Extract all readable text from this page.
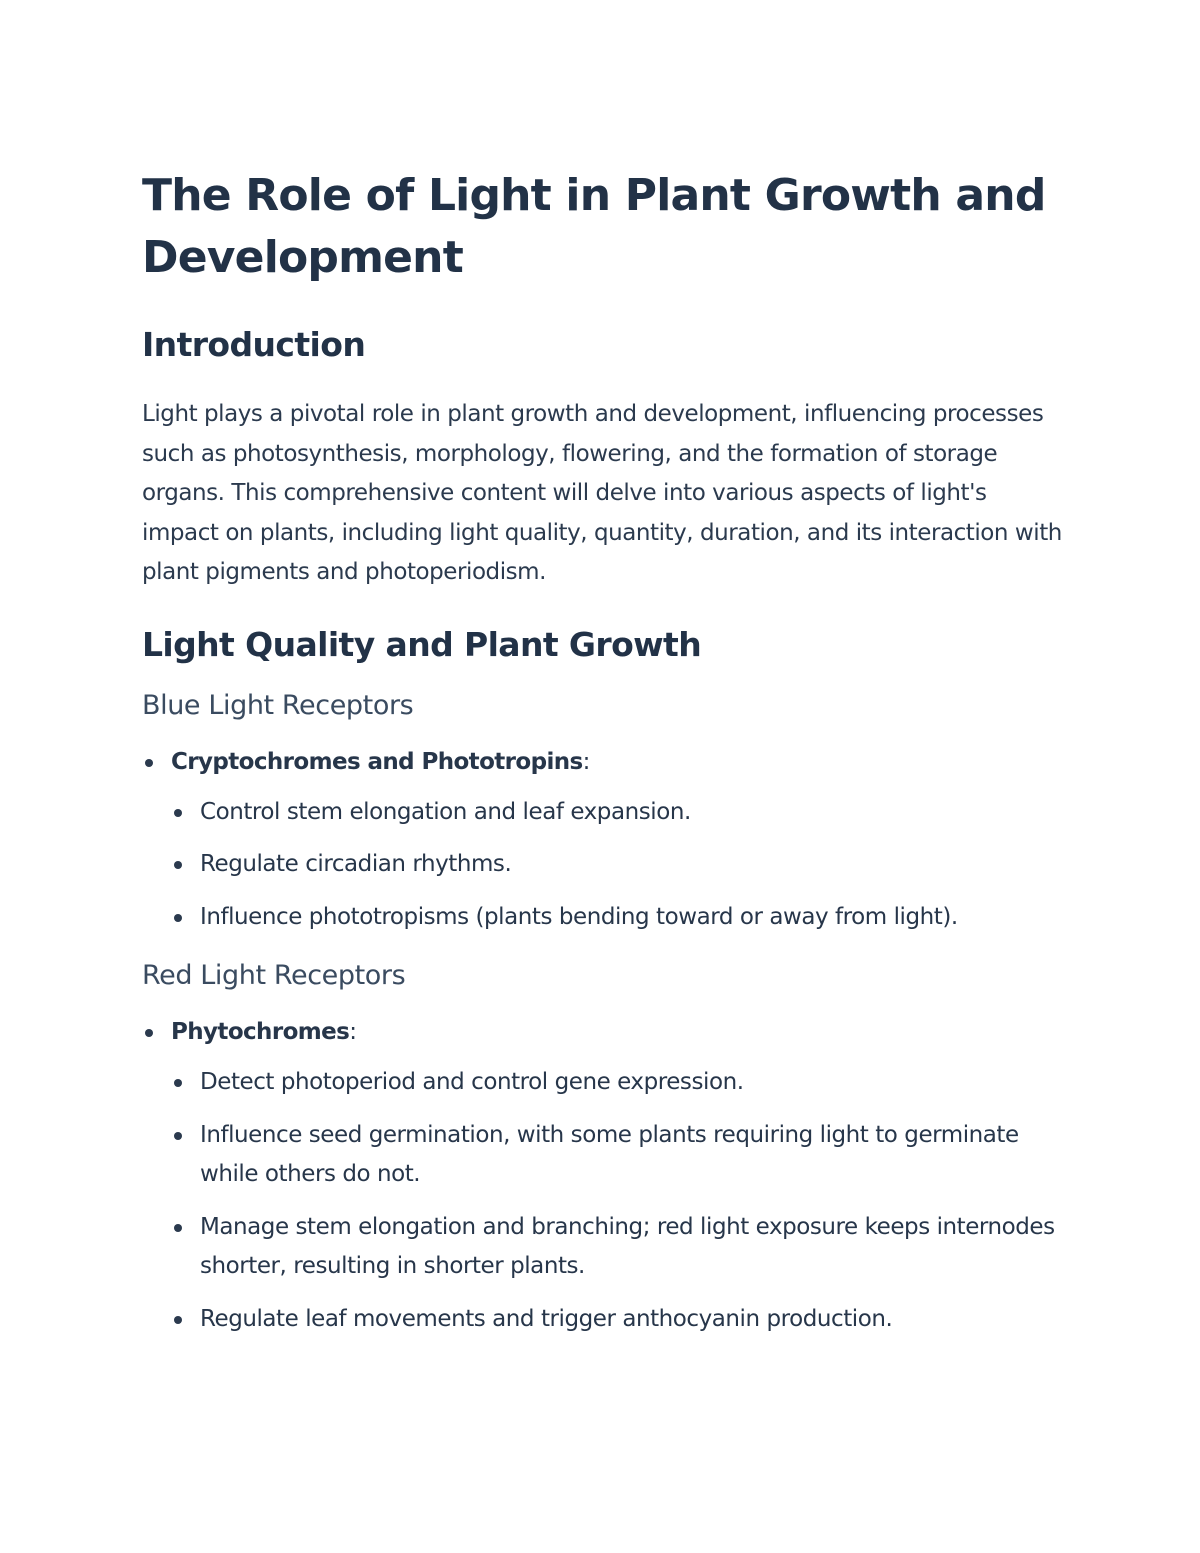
The Role of Light in Plant Growth and Development
Introduction

Light plays a pivotal role in plant growth and development, influencing processes such as photosynthesis, morphology, flowering, and the formation of storage organs. This comprehensive content will delve into various aspects of light's impact on plants, including light quality, quantity, duration, and its interaction with plant pigments and photoperiodism.

Light Quality and Plant Growth
Blue Light Receptors
Cryptochromes and Phototropins:
Control stem elongation and leaf expansion.
Regulate circadian rhythms.
Influence phototropisms (plants bending toward or away from light).
Red Light Receptors
Phytochromes:
Detect photoperiod and control gene expression.
Influence seed germination, with some plants requiring light to germinate while others do not.
Manage stem elongation and branching; red light exposure keeps internodes shorter, resulting in shorter plants.
Regulate leaf movements and trigger anthocyanin production.
